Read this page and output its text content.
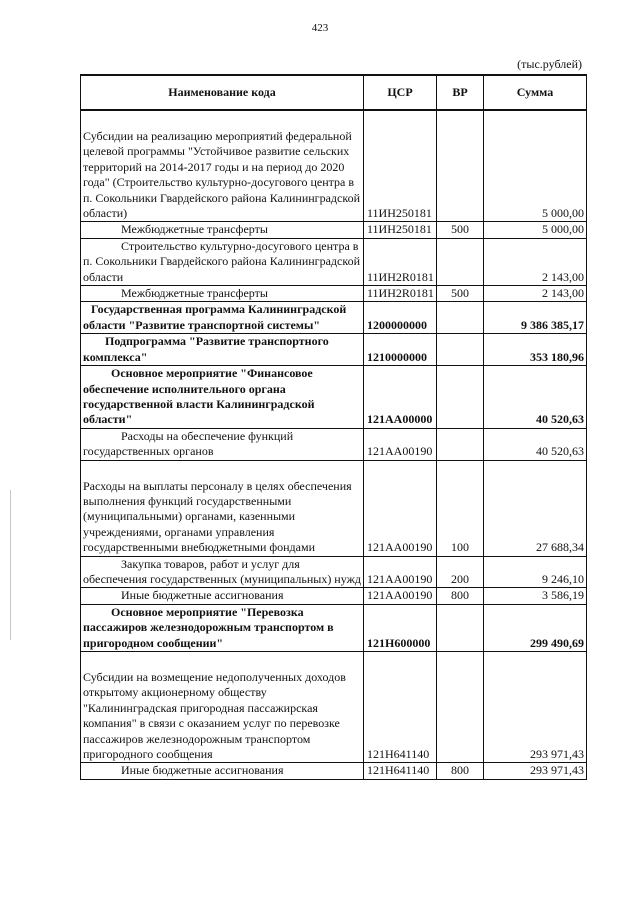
423
(тыс.рублей)
Наименование кода	ЦСР	ВР	Сумма

Субсидии на реализацию мероприятий федеральной целевой программы "Устойчивое развитие сельских территорий на 2014-2017 годы и на период до 2020 года" (Строительство культурно-досугового центра в п. Сокольники Гвардейского района Калининградской области)	11ИН250181		5 000,00
Межбюджетные трансферты	11ИН250181	500	5 000,00
Строительство культурно-досугового центра в п. Сокольники Гвардейского района Калининградской области	11ИН2R0181		2 143,00
Межбюджетные трансферты	11ИН2R0181	500	2 143,00
Государственная программа Калининградской области "Развитие транспортной системы"	1200000000		9 386 385,17
Подпрограмма "Развитие транспортного комплекса"	1210000000		353 180,96
Основное мероприятие "Финансовое обеспечение исполнительного органа государственной власти Калининградской области"	121АА00000		40 520,63
Расходы на обеспечение функций государственных органов	121АА00190		40 520,63

Расходы на выплаты персоналу в целях обеспечения выполнения функций государственными (муниципальными) органами, казенными учреждениями, органами управления государственными внебюджетными фондами	121АА00190	100	27 688,34
Закупка товаров, работ и услуг для обеспечения государственных (муниципальных) нужд	121АА00190	200	9 246,10
Иные бюджетные ассигнования	121АА00190	800	3 586,19
Основное мероприятие "Перевозка пассажиров железнодорожным транспортом в пригородном сообщении"	121Н600000		299 490,69

Субсидии на возмещение недополученных доходов открытому акционерному обществу "Калининградская пригородная пассажирская компания" в связи с оказанием услуг по перевозке пассажиров железнодорожным транспортом пригородного сообщения	121Н641140		293 971,43
Иные бюджетные ассигнования	121Н641140	800	293 971,43
